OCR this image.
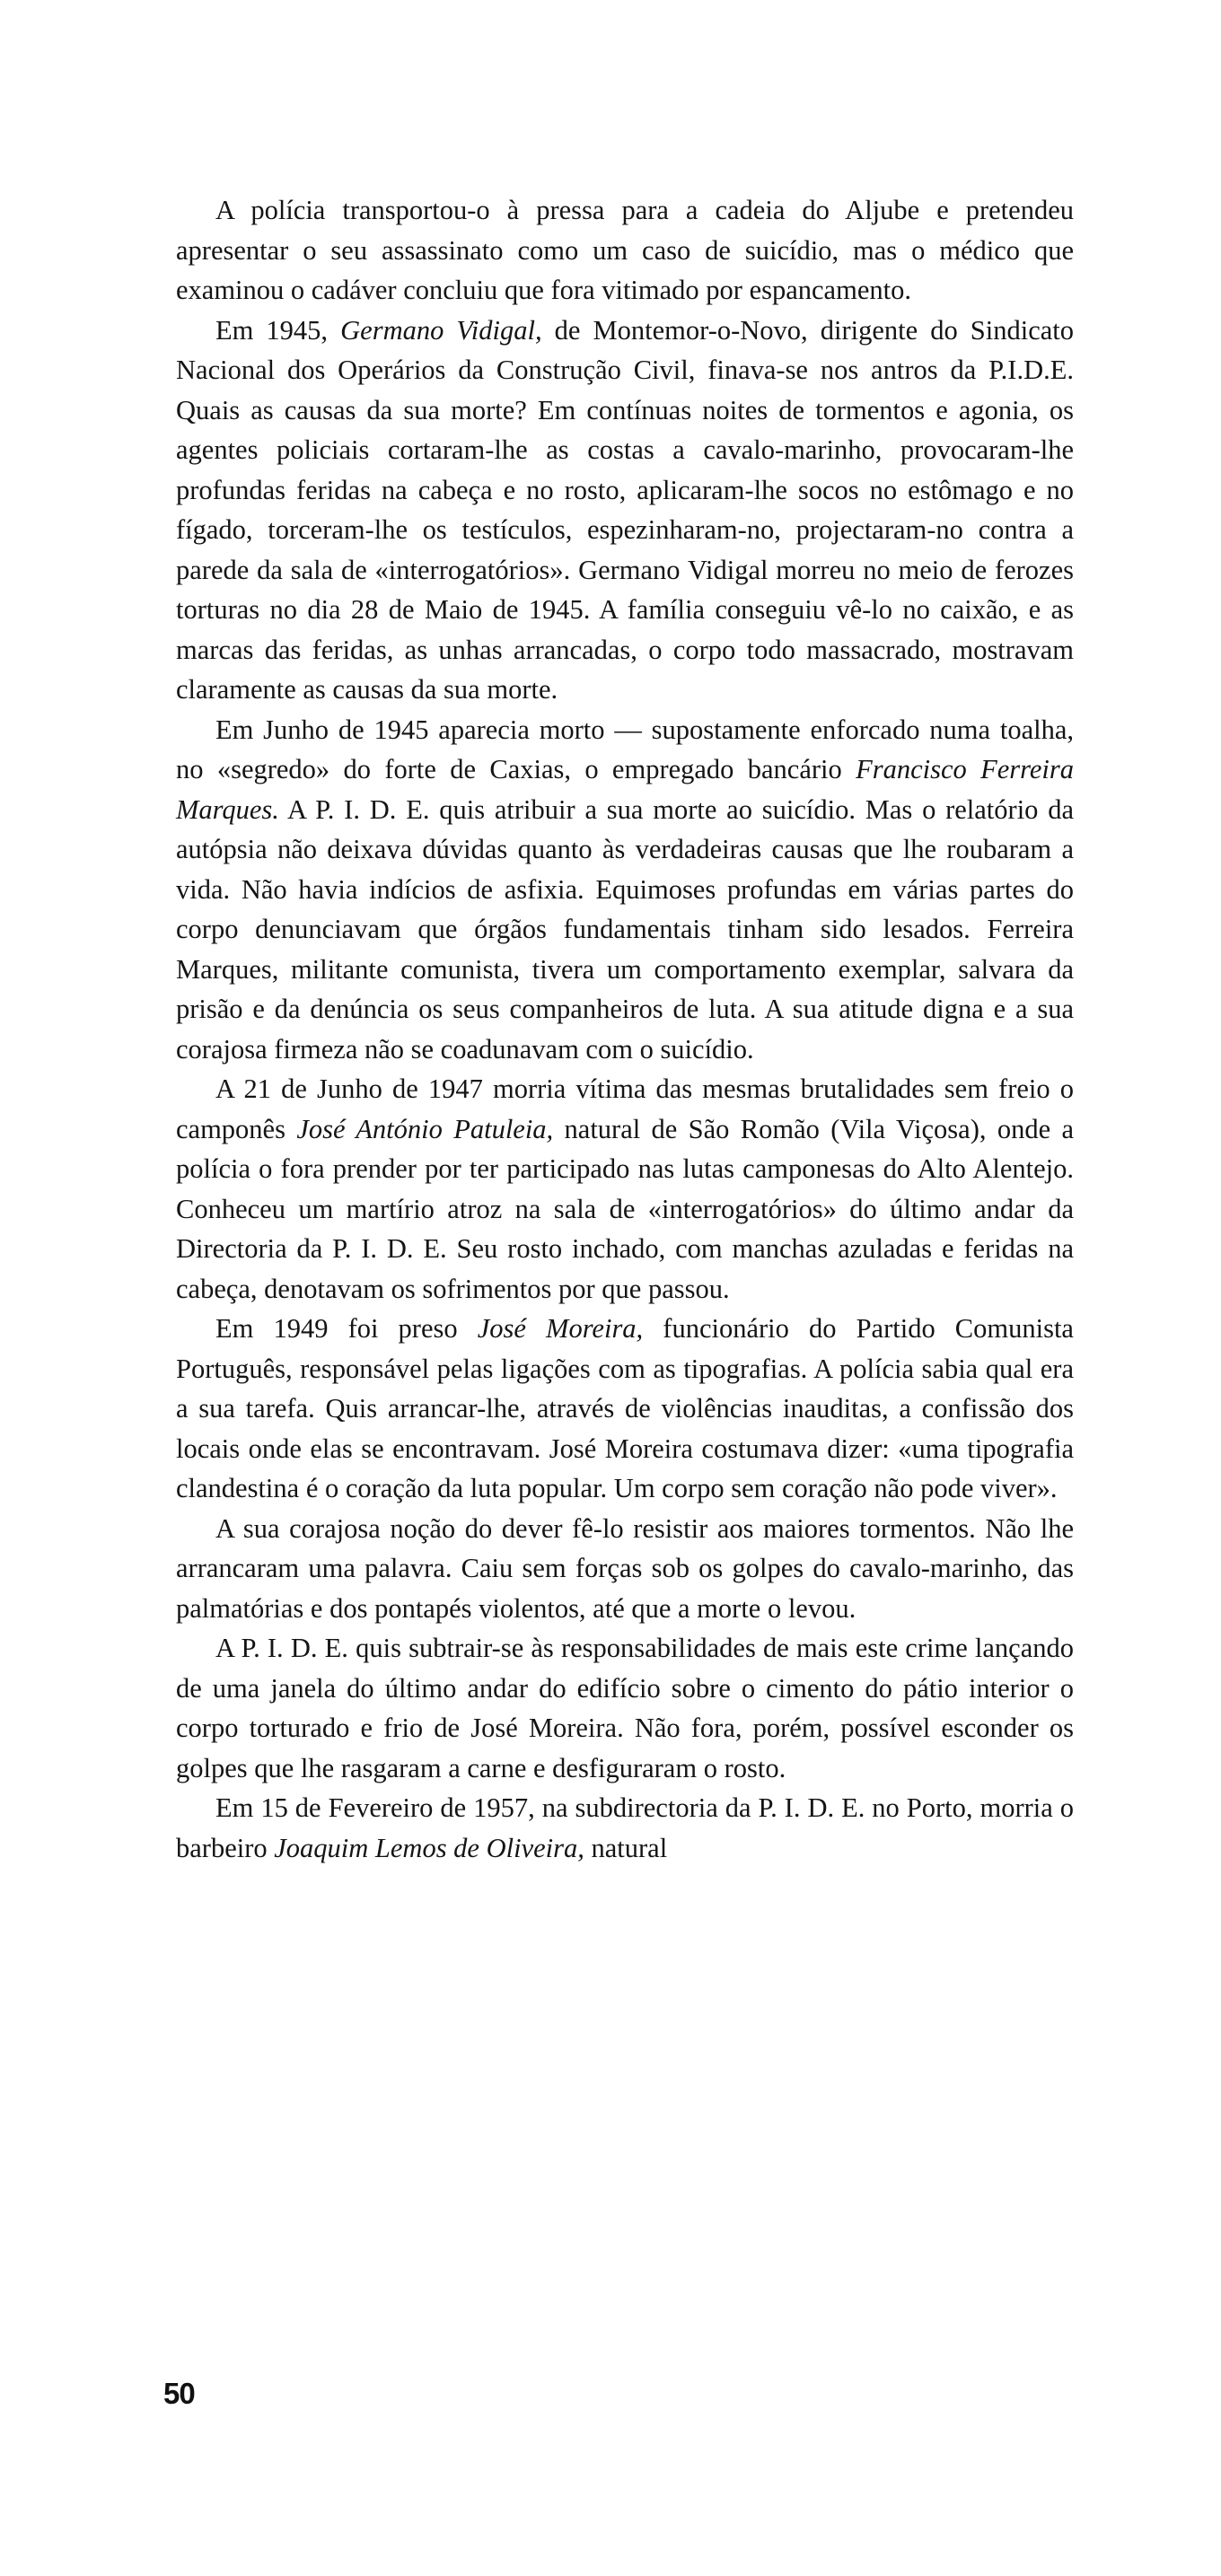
A polícia transportou-o à pressa para a cadeia do Aljube e pretendeu apresentar o seu assassinato como um caso de suicídio, mas o médico que examinou o cadáver concluiu que fora vitimado por espancamento.

Em 1945, Germano Vidigal, de Montemor-o-Novo, dirigente do Sindicato Nacional dos Operários da Construção Civil, finava-se nos antros da P.I.D.E. Quais as causas da sua morte? Em contínuas noites de tormentos e agonia, os agentes policiais cortaram-lhe as costas a cavalo-marinho, provocaram-lhe profundas feridas na cabeça e no rosto, aplicaram-lhe socos no estômago e no fígado, torceram-lhe os testículos, espezinharam-no, projectaram-no contra a parede da sala de «interrogatórios». Germano Vidigal morreu no meio de ferozes torturas no dia 28 de Maio de 1945. A família conseguiu vê-lo no caixão, e as marcas das feridas, as unhas arrancadas, o corpo todo massacrado, mostravam claramente as causas da sua morte.

Em Junho de 1945 aparecia morto — supostamente enforcado numa toalha, no «segredo» do forte de Caxias, o empregado bancário Francisco Ferreira Marques. A P. I. D. E. quis atribuir a sua morte ao suicídio. Mas o relatório da autópsia não deixava dúvidas quanto às verdadeiras causas que lhe roubaram a vida. Não havia indícios de asfixia. Equimoses profundas em várias partes do corpo denunciavam que órgãos fundamentais tinham sido lesados. Ferreira Marques, militante comunista, tivera um comportamento exemplar, salvara da prisão e da denúncia os seus companheiros de luta. A sua atitude digna e a sua corajosa firmeza não se coadunavam com o suicídio.

A 21 de Junho de 1947 morria vítima das mesmas brutalidades sem freio o camponês José António Patuleia, natural de São Romão (Vila Viçosa), onde a polícia o fora prender por ter participado nas lutas camponesas do Alto Alentejo. Conheceu um martírio atroz na sala de «interrogatórios» do último andar da Directoria da P. I. D. E. Seu rosto inchado, com manchas azuladas e feridas na cabeça, denotavam os sofrimentos por que passou.

Em 1949 foi preso José Moreira, funcionário do Partido Comunista Português, responsável pelas ligações com as tipografias. A polícia sabia qual era a sua tarefa. Quis arrancar-lhe, através de violências inauditas, a confissão dos locais onde elas se encontravam. José Moreira costumava dizer: «uma tipografia clandestina é o coração da luta popular. Um corpo sem coração não pode viver».

A sua corajosa noção do dever fê-lo resistir aos maiores tormentos. Não lhe arrancaram uma palavra. Caiu sem forças sob os golpes do cavalo-marinho, das palmatórias e dos pontapés violentos, até que a morte o levou.

A P. I. D. E. quis subtrair-se às responsabilidades de mais este crime lançando de uma janela do último andar do edifício sobre o cimento do pátio interior o corpo torturado e frio de José Moreira. Não fora, porém, possível esconder os golpes que lhe rasgaram a carne e desfiguraram o rosto.

Em 15 de Fevereiro de 1957, na subdirectoria da P. I. D. E. no Porto, morria o barbeiro Joaquim Lemos de Oliveira, natural

50
